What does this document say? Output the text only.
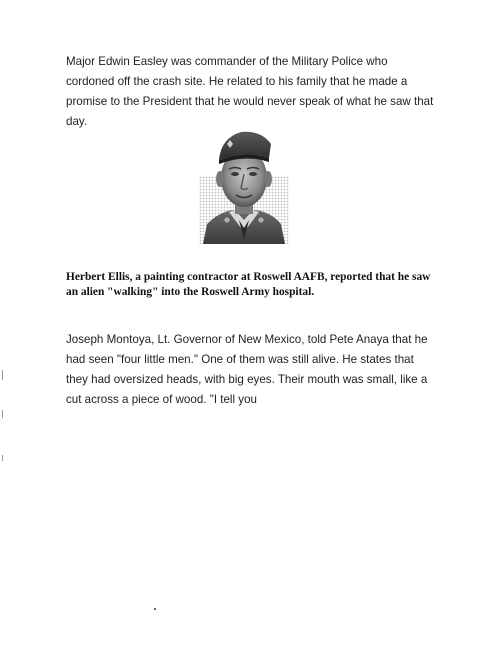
Major Edwin Easley was commander of the Military Police who cordoned off the crash site. He related to his family that he made a promise to the President that he would never speak of what he saw that day.

Herbert Ellis, a painting contractor at Roswell AAFB, reported that he saw an alien "walking" into the Roswell Army hospital.

Joseph Montoya, Lt. Governor of New Mexico, told Pete Anaya that he had seen "four little men." One of them was still alive. He states that they had oversized heads, with big eyes. Their mouth was small, like a cut across a piece of wood. "I tell you
